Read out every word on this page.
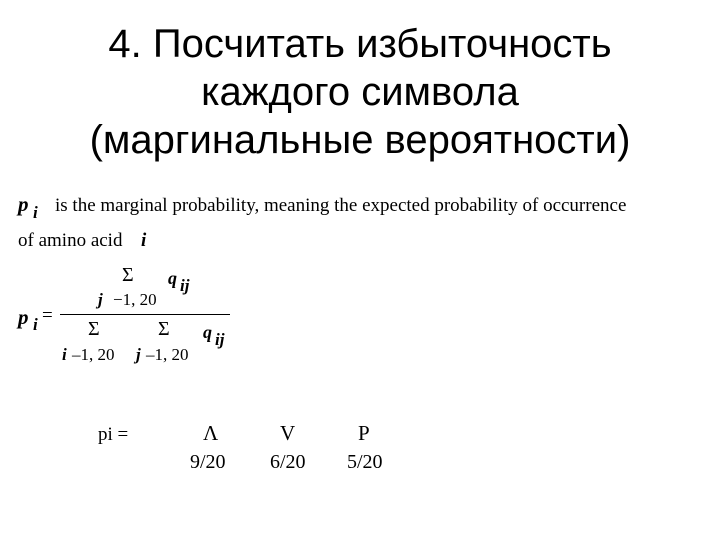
4. Посчитать избыточность
каждого символа
(маргинальные вероятности)
p i is the marginal probability, meaning the expected probability of occurrence
of amino acid i
p i =
Σ q ij
j −1, 20
Σ	Σ q ij
i –1, 20 j –1, 20
pi =	Λ
9/20
V
6/20
P
5/20
